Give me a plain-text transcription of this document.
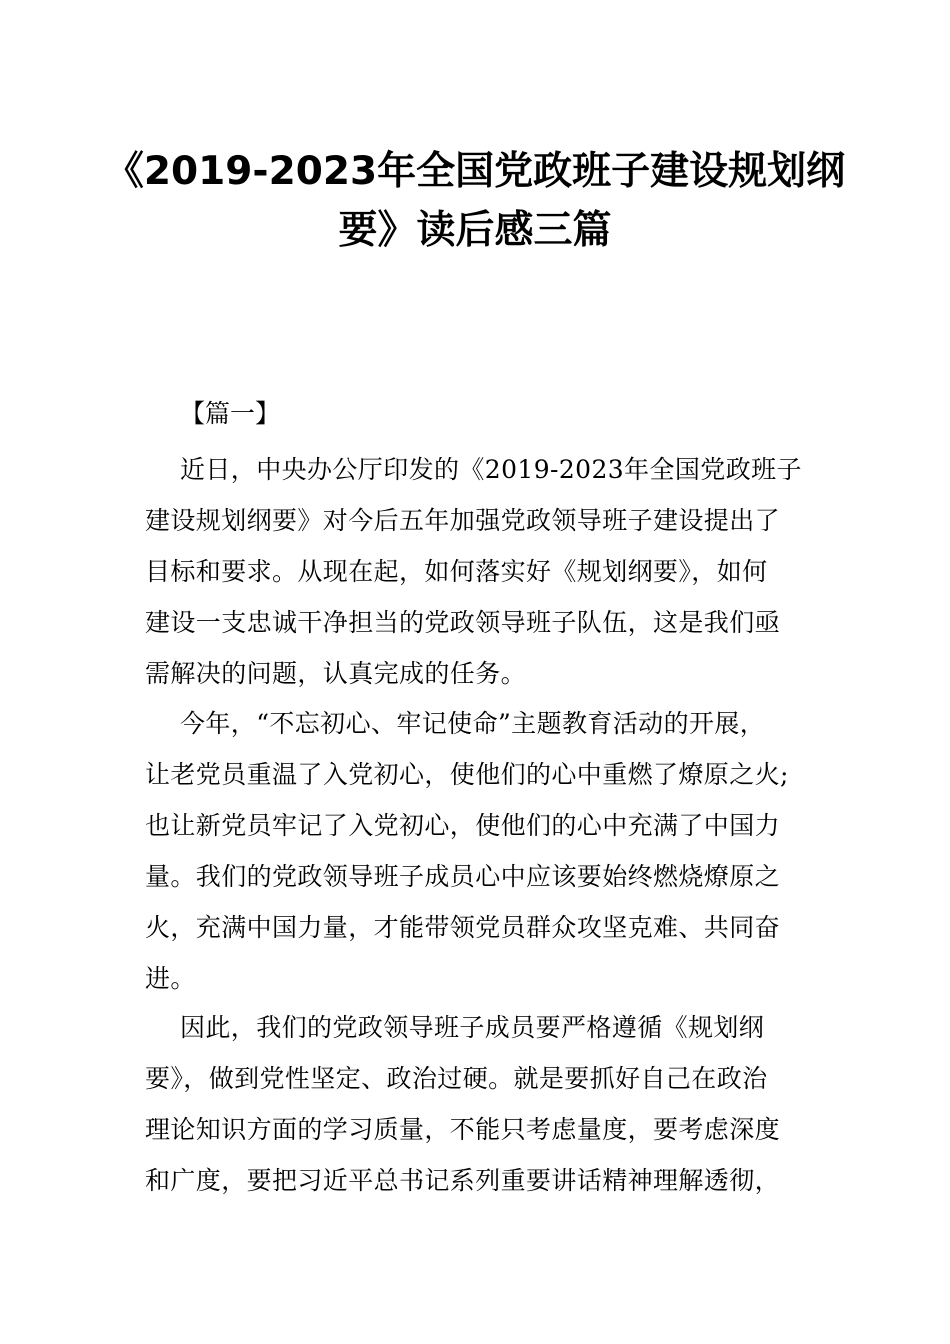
《2019-2023年全国党政班子建设规划纲
要》读后感三篇

【篇一】

近日，中央办公厅印发的《2019-2023年全国党政班子
建设规划纲要》对今后五年加强党政领导班子建设提出了
目标和要求。从现在起，如何落实好《规划纲要》，如何
建设一支忠诚干净担当的党政领导班子队伍，这是我们亟
需解决的问题，认真完成的任务。
今年，“不忘初心、牢记使命”主题教育活动的开展，
让老党员重温了入党初心，使他们的心中重燃了燎原之火;
也让新党员牢记了入党初心，使他们的心中充满了中国力
量。我们的党政领导班子成员心中应该要始终燃烧燎原之
火，充满中国力量，才能带领党员群众攻坚克难、共同奋
进。
因此，我们的党政领导班子成员要严格遵循《规划纲
要》，做到党性坚定、政治过硬。就是要抓好自己在政治
理论知识方面的学习质量，不能只考虑量度，要考虑深度
和广度，要把习近平总书记系列重要讲话精神理解透彻，
